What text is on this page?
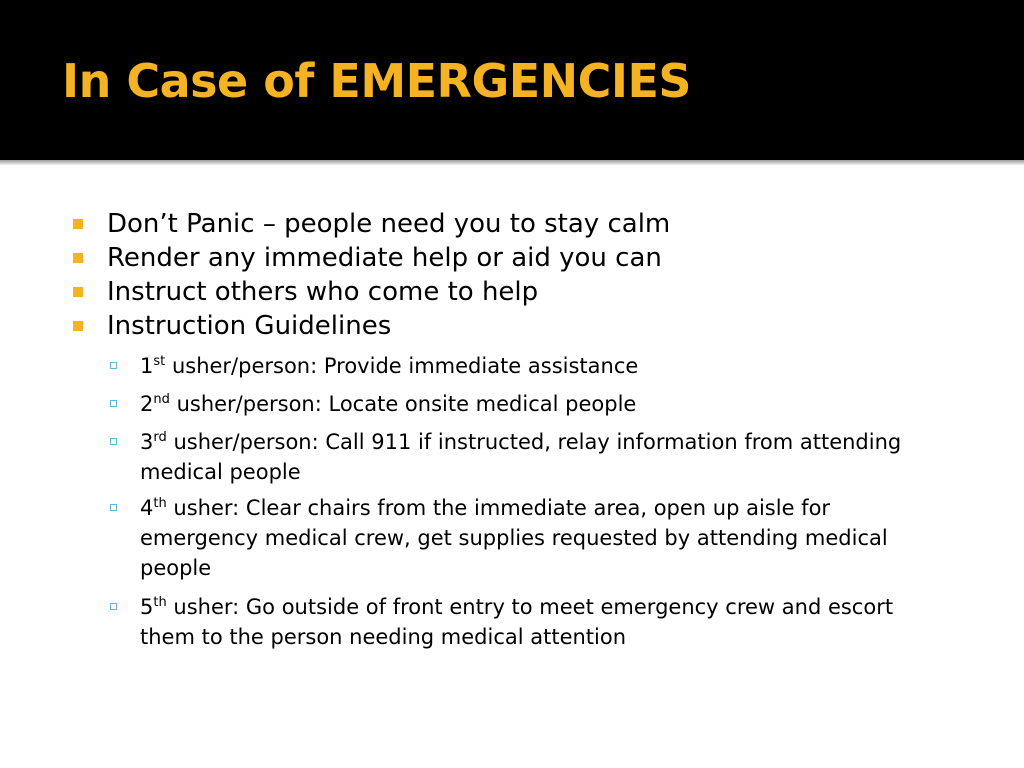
In Case of EMERGENCIES
Don’t Panic – people need you to stay calm
Render any immediate help or aid you can
Instruct others who come to help
Instruction Guidelines
1st usher/person: Provide immediate assistance
2nd usher/person: Locate onsite medical people
3rd usher/person: Call 911 if instructed, relay information from attending medical people
4th usher: Clear chairs from the immediate area, open up aisle for emergency medical crew, get supplies requested by attending medical people
5th usher: Go outside of front entry to meet emergency crew and escort them to the person needing medical attention
